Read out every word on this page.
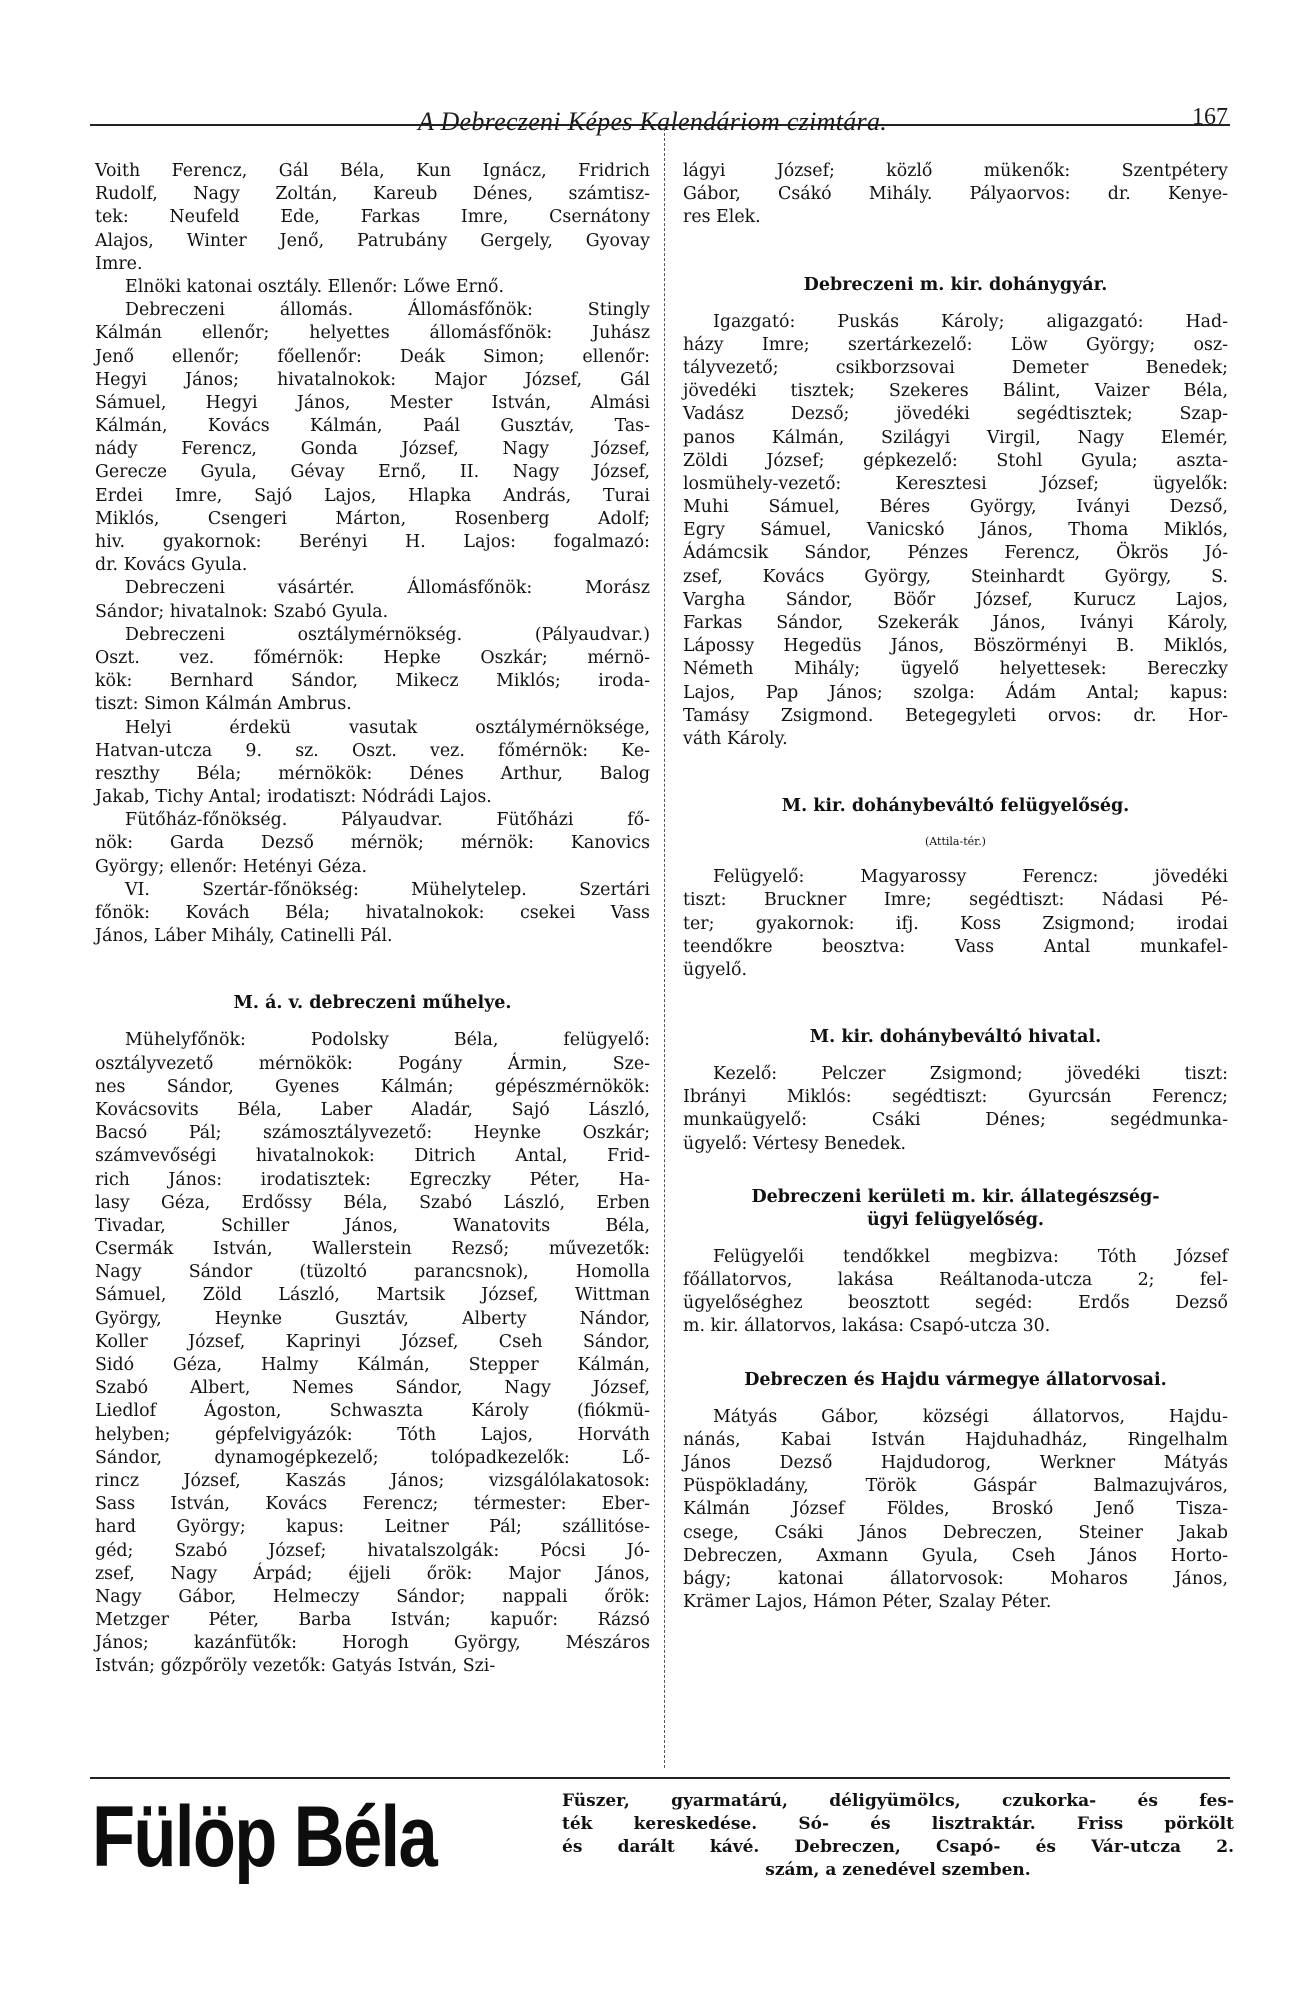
A Debreczeni Képes Kalendáriom czimtára.	167
Voith Ferencz, Gál Béla, Kun Ignácz, Fridrich
Rudolf, Nagy Zoltán, Kareub Dénes, számtisz-
tek: Neufeld Ede, Farkas Imre, Csernátony
Alajos, Winter Jenő, Patrubány Gergely, Gyovay
Imre.
Elnöki katonai osztály. Ellenőr: Lőwe Ernő.
Debreczeni állomás. Állomásfőnök: Stingly
Kálmán ellenőr; helyettes állomásfőnök: Juhász
Jenő ellenőr; főellenőr: Deák Simon; ellenőr:
Hegyi János; hivatalnokok: Major József, Gál
Sámuel, Hegyi János, Mester István, Almási
Kálmán, Kovács Kálmán, Paál Gusztáv, Tas-
nády Ferencz, Gonda József, Nagy József,
Gerecze Gyula, Gévay Ernő, II. Nagy József,
Erdei Imre, Sajó Lajos, Hlapka András, Turai
Miklós, Csengeri Márton, Rosenberg Adolf;
hiv. gyakornok: Berényi H. Lajos: fogalmazó:
dr. Kovács Gyula.
Debreczeni vásártér. Állomásfőnök: Morász
Sándor; hivatalnok: Szabó Gyula.
Debreczeni osztálymérnökség. (Pályaudvar.)
Oszt. vez. főmérnök: Hepke Oszkár; mérnö-
kök: Bernhard Sándor, Mikecz Miklós; iroda-
tiszt: Simon Kálmán Ambrus.
Helyi érdekü vasutak osztálymérnöksége,
Hatvan-utcza 9. sz. Oszt. vez. főmérnök: Ke-
reszthy Béla; mérnökök: Dénes Arthur, Balog
Jakab, Tichy Antal; irodatiszt: Nódrádi Lajos.
Fütőház-főnökség. Pályaudvar. Fütőházi fő-
nök: Garda Dezső mérnök; mérnök: Kanovics
György; ellenőr: Hetényi Géza.
VI. Szertár-főnökség: Mühelytelep. Szertári
főnök: Kovách Béla; hivatalnokok: csekei Vass
János, Láber Mihály, Catinelli Pál.
M. á. v. debreczeni műhelye.
Mühelyfőnök: Podolsky Béla, felügyelő:
osztályvezető mérnökök: Pogány Ármin, Sze-
nes Sándor, Gyenes Kálmán; gépészmérnökök:
Kovácsovits Béla, Laber Aladár, Sajó László,
Bacsó Pál; számosztályvezető: Heynke Oszkár;
számvevőségi hivatalnokok: Ditrich Antal, Frid-
rich János: irodatisztek: Egreczky Péter, Ha-
lasy Géza, Erdőssy Béla, Szabó László, Erben
Tivadar, Schiller János, Wanatovits Béla,
Csermák István, Wallerstein Rezső; művezetők:
Nagy Sándor (tüzoltó parancsnok), Homolla
Sámuel, Zöld László, Martsik József, Wittman
György, Heynke Gusztáv, Alberty Nándor,
Koller József, Kaprinyi József, Cseh Sándor,
Sidó Géza, Halmy Kálmán, Stepper Kálmán,
Szabó Albert, Nemes Sándor, Nagy József,
Liedlof Ágoston, Schwaszta Károly (fiókmü-
helyben; gépfelvigyázók: Tóth Lajos, Horváth
Sándor, dynamogépkezelő; tolópadkezelők: Lő-
rincz József, Kaszás János; vizsgálólakatosok:
Sass István, Kovács Ferencz; térmester: Eber-
hard György; kapus: Leitner Pál; szállitóse-
géd; Szabó József; hivatalszolgák: Pócsi Jó-
zsef, Nagy Árpád; éjjeli őrök: Major János,
Nagy Gábor, Helmeczy Sándor; nappali őrök:
Metzger Péter, Barba István; kapuőr: Rázsó
János; kazánfütők: Horogh György, Mészáros
István; gőzpőröly vezetők: Gatyás István, Szi-
lágyi József; közlő mükenők: Szentpétery
Gábor, Csákó Mihály. Pályaorvos: dr. Kenye-
res Elek.
Debreczeni m. kir. dohánygyár.
Igazgató: Puskás Károly; aligazgató: Had-
házy Imre; szertárkezelő: Löw György; osz-
tályvezető; csikborzsovai Demeter Benedek;
jövedéki tisztek; Szekeres Bálint, Vaizer Béla,
Vadász Dezső; jövedéki segédtisztek; Szap-
panos Kálmán, Szilágyi Virgil, Nagy Elemér,
Zöldi József; gépkezelő: Stohl Gyula; aszta-
losmühely-vezető: Keresztesi József; ügyelők:
Muhi Sámuel, Béres György, Iványi Dezső,
Egry Sámuel, Vanicskó János, Thoma Miklós,
Ádámcsik Sándor, Pénzes Ferencz, Ökrös Jó-
zsef, Kovács György, Steinhardt György, S.
Vargha Sándor, Böőr József, Kurucz Lajos,
Farkas Sándor, Szekerák János, Iványi Károly,
Lápossy Hegedüs János, Böszörményi B. Miklós,
Németh Mihály; ügyelő helyettesek: Bereczky
Lajos, Pap János; szolga: Ádám Antal; kapus:
Tamásy Zsigmond. Betegegyleti orvos: dr. Hor-
váth Károly.
M. kir. dohánybeváltó felügyelőség.
(Attila-tér.)
Felügyelő: Magyarossy Ferencz: jövedéki
tiszt: Bruckner Imre; segédtiszt: Nádasi Pé-
ter; gyakornok: ifj. Koss Zsigmond; irodai
teendőkre beosztva: Vass Antal munkafel-
ügyelő.
M. kir. dohánybeváltó hivatal.
Kezelő: Pelczer Zsigmond; jövedéki tiszt:
Ibrányi Miklós: segédtiszt: Gyurcsán Ferencz;
munkaügyelő: Csáki Dénes; segédmunka-
ügyelő: Vértesy Benedek.
Debreczeni kerületi m. kir. állategészség-
ügyi felügyelőség.
Felügyelői tendőkkel megbizva: Tóth József
főállatorvos, lakása Reáltanoda-utcza 2; fel-
ügyelőséghez beosztott segéd: Erdős Dezső
m. kir. állatorvos, lakása: Csapó-utcza 30.
Debreczen és Hajdu vármegye állatorvosai.
Mátyás Gábor, községi állatorvos, Hajdu-
nánás, Kabai István Hajduhadház, Ringelhalm
János Dezső Hajdudorog, Werkner Mátyás
Püspökladány, Török Gáspár Balmazujváros,
Kálmán József Földes, Broskó Jenő Tisza-
csege, Csáki János Debreczen, Steiner Jakab
Debreczen, Axmann Gyula, Cseh János Horto-
bágy; katonai állatorvosok: Moharos János,
Krämer Lajos, Hámon Péter, Szalay Péter.
Fülöp Béla	Füszer, gyarmatárú, déligyümölcs, czukorka- és fes-
ték kereskedése. Só- és lisztraktár. Friss pörkölt
és darált kávé. Debreczen, Csapó- és Vár-utcza 2.
szám, a zenedével szemben.
